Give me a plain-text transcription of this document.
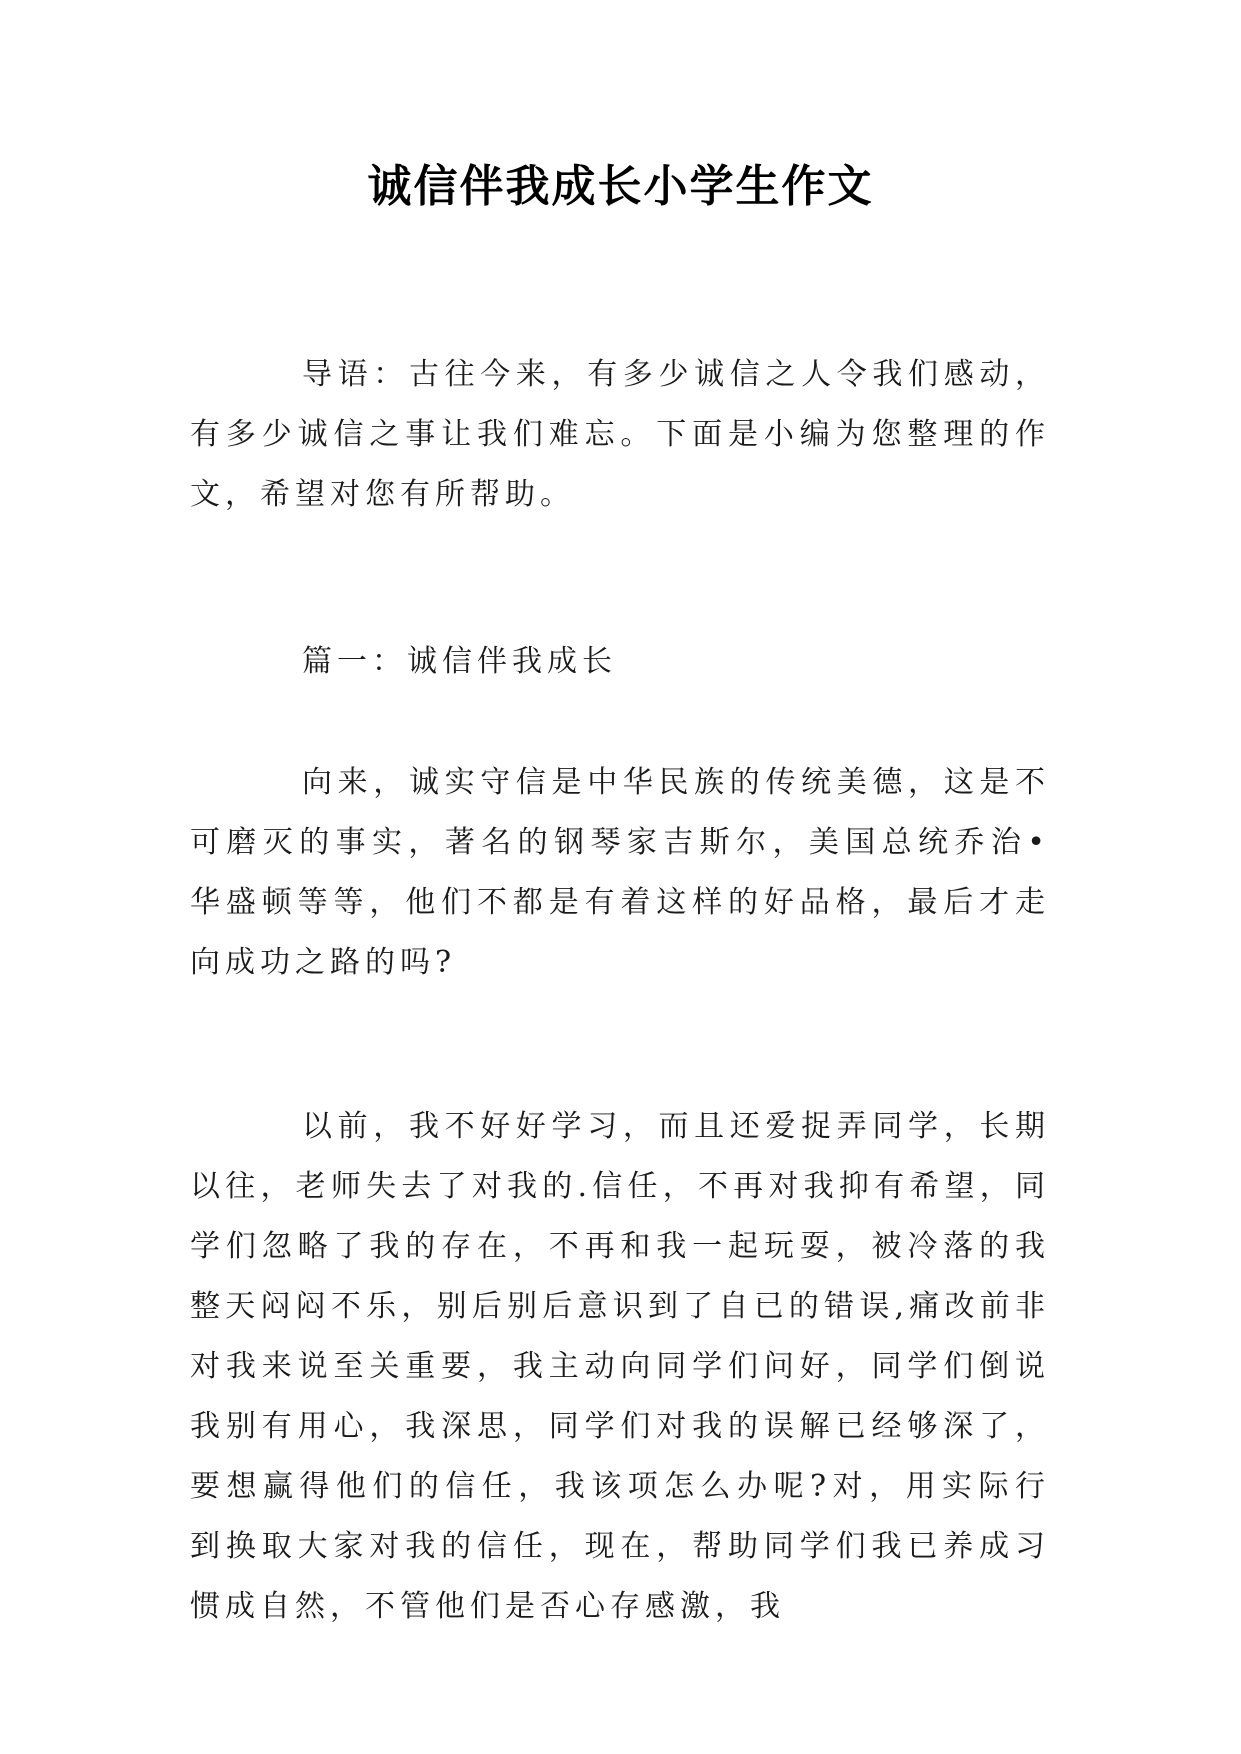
诚信伴我成长小学生作文
导语：古往今来，有多少诚信之人令我们感动，有多少诚信之事让我们难忘。下面是小编为您整理的作文，希望对您有所帮助。
篇一：诚信伴我成长
向来，诚实守信是中华民族的传统美德，这是不可磨灭的事实，著名的钢琴家吉斯尔，美国总统乔治•华盛顿等等，他们不都是有着这样的好品格，最后才走向成功之路的吗?
以前，我不好好学习，而且还爱捉弄同学，长期以往，老师失去了对我的.信任，不再对我抑有希望，同学们忽略了我的存在，不再和我一起玩耍，被冷落的我整天闷闷不乐，别后别后意识到了自已的错误,痛改前非对我来说至关重要，我主动向同学们问好，同学们倒说我别有用心，我深思，同学们对我的误解已经够深了，要想赢得他们的信任，我该项怎么办呢?对，用实际行到换取大家对我的信任，现在，帮助同学们我已养成习惯成自然，不管他们是否心存感激，我
